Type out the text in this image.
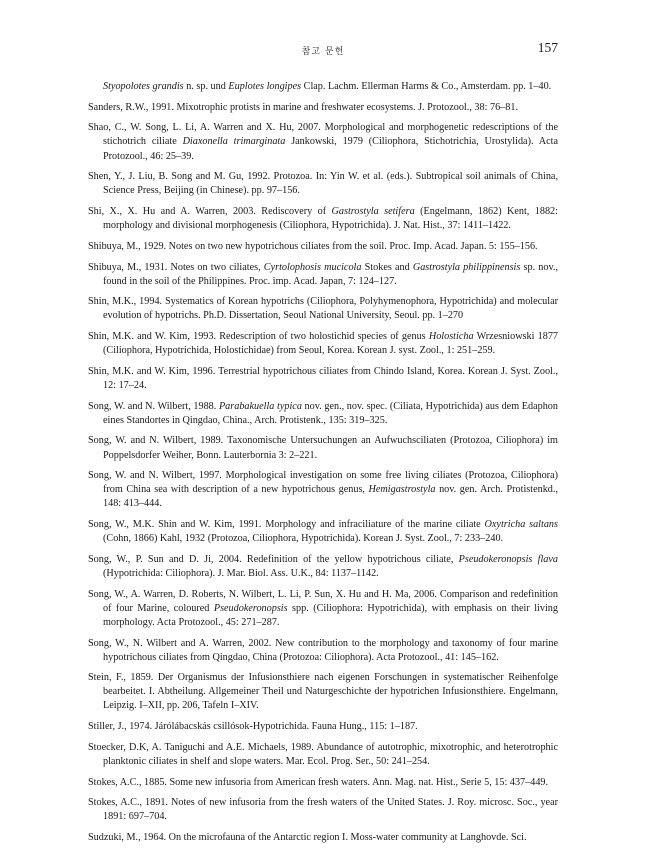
참고 문헌	157

Styopolotes grandis n. sp. und Euplotes longipes Clap. Lachm. Ellerman Harms & Co., Amsterdam. pp. 1–40.

Sanders, R.W., 1991. Mixotrophic protists in marine and freshwater ecosystems. J. Protozool., 38: 76–81.

Shao, C., W. Song, L. Li, A. Warren and X. Hu, 2007. Morphological and morphogenetic redescriptions of the stichotrich ciliate Diaxonella trimarginata Jankowski, 1979 (Ciliophora, Stichotrichia, Urostylida). Acta Protozool., 46: 25–39.

Shen, Y., J. Liu, B. Song and M. Gu, 1992. Protozoa. In: Yin W. et al. (eds.). Subtropical soil animals of China, Science Press, Beijing (in Chinese). pp. 97–156.

Shi, X., X. Hu and A. Warren, 2003. Rediscovery of Gastrostyla setifera (Engelmann, 1862) Kent, 1882: morphology and divisional morphogenesis (Ciliophora, Hypotrichida). J. Nat. Hist., 37: 1411–1422.

Shibuya, M., 1929. Notes on two new hypotrichous ciliates from the soil. Proc. Imp. Acad. Japan. 5: 155–156.

Shibuya, M., 1931. Notes on two ciliates, Cyrtolophosis mucicola Stokes and Gastrostyla philippinensis sp. nov., found in the soil of the Philippines. Proc. imp. Acad. Japan, 7: 124–127.

Shin, M.K., 1994. Systematics of Korean hypotrichs (Ciliophora, Polyhymenophora, Hypotrichida) and molecular evolution of hypotrichs. Ph.D. Dissertation, Seoul National University, Seoul. pp. 1–270

Shin, M.K. and W. Kim, 1993. Redescription of two holostichid species of genus Holosticha Wrzesniowski 1877 (Ciliophora, Hypotrichida, Holostichidae) from Seoul, Korea. Korean J. syst. Zool., 1: 251–259.

Shin, M.K. and W. Kim, 1996. Terrestrial hypotrichous ciliates from Chindo Island, Korea. Korean J. Syst. Zool., 12: 17–24.

Song, W. and N. Wilbert, 1988. Parabakuella typica nov. gen., nov. spec. (Ciliata, Hypotrichida) aus dem Edaphon eines Standortes in Qingdao, China., Arch. Protistenk., 135: 319–325.

Song, W. and N. Wilbert, 1989. Taxonomische Untersuchungen an Aufwuchsciliaten (Protozoa, Ciliophora) im Poppelsdorfer Weiher, Bonn. Lauterbornia 3: 2–221.

Song, W. and N. Wilbert, 1997. Morphological investigation on some free living ciliates (Protozoa, Ciliophora) from China sea with description of a new hypotrichous genus, Hemigastrostyla nov. gen. Arch. Protistenkd., 148: 413–444.

Song, W., M.K. Shin and W. Kim, 1991. Morphology and infraciliature of the marine ciliate Oxytricha saltans (Cohn, 1866) Kahl, 1932 (Protozoa, Ciliophora, Hypotrichida). Korean J. Syst. Zool., 7: 233–240.

Song, W., P. Sun and D. Ji, 2004. Redefinition of the yellow hypotrichous ciliate, Pseudokeronopsis flava (Hypotrichida: Ciliophora). J. Mar. Biol. Ass. U.K., 84: 1137–1142.

Song, W., A. Warren, D. Roberts, N. Wilbert, L. Li, P. Sun, X. Hu and H. Ma, 2006. Comparison and redefinition of four Marine, coloured Pseudokeronopsis spp. (Ciliophora: Hypotrichida), with emphasis on their living morphology. Acta Protozool., 45: 271–287.

Song, W., N. Wilbert and A. Warren, 2002. New contribution to the morphology and taxonomy of four marine hypotrichous ciliates from Qingdao, China (Protozoa: Ciliophora). Acta Protozool., 41: 145–162.

Stein, F., 1859. Der Organismus der Infusionsthiere nach eigenen Forschungen in systematischer Reihenfolge bearbeitet. I. Abtheilung. Allgemeiner Theil und Naturgeschichte der hypotrichen Infusionsthiere. Engelmann, Leipzig. I–XII, pp. 206, Tafeln I–XIV.

Stiller, J., 1974. Járólábacskás csillósok-Hypotrichida. Fauna Hung., 115: 1–187.

Stoecker, D.K, A. Taniguchi and A.E. Michaels, 1989. Abundance of autotrophic, mixotrophic, and heterotrophic planktonic ciliates in shelf and slope waters. Mar. Ecol. Prog. Ser., 50: 241–254.

Stokes, A.C., 1885. Some new infusoria from American fresh waters. Ann. Mag. nat. Hist., Serie 5, 15: 437–449.

Stokes, A.C., 1891. Notes of new infusoria from the fresh waters of the United States. J. Roy. microsc. Soc., year 1891: 697–704.

Sudzuki, M., 1964. On the microfauna of the Antarctic region I. Moss-water community at Langhovde. Sci.
